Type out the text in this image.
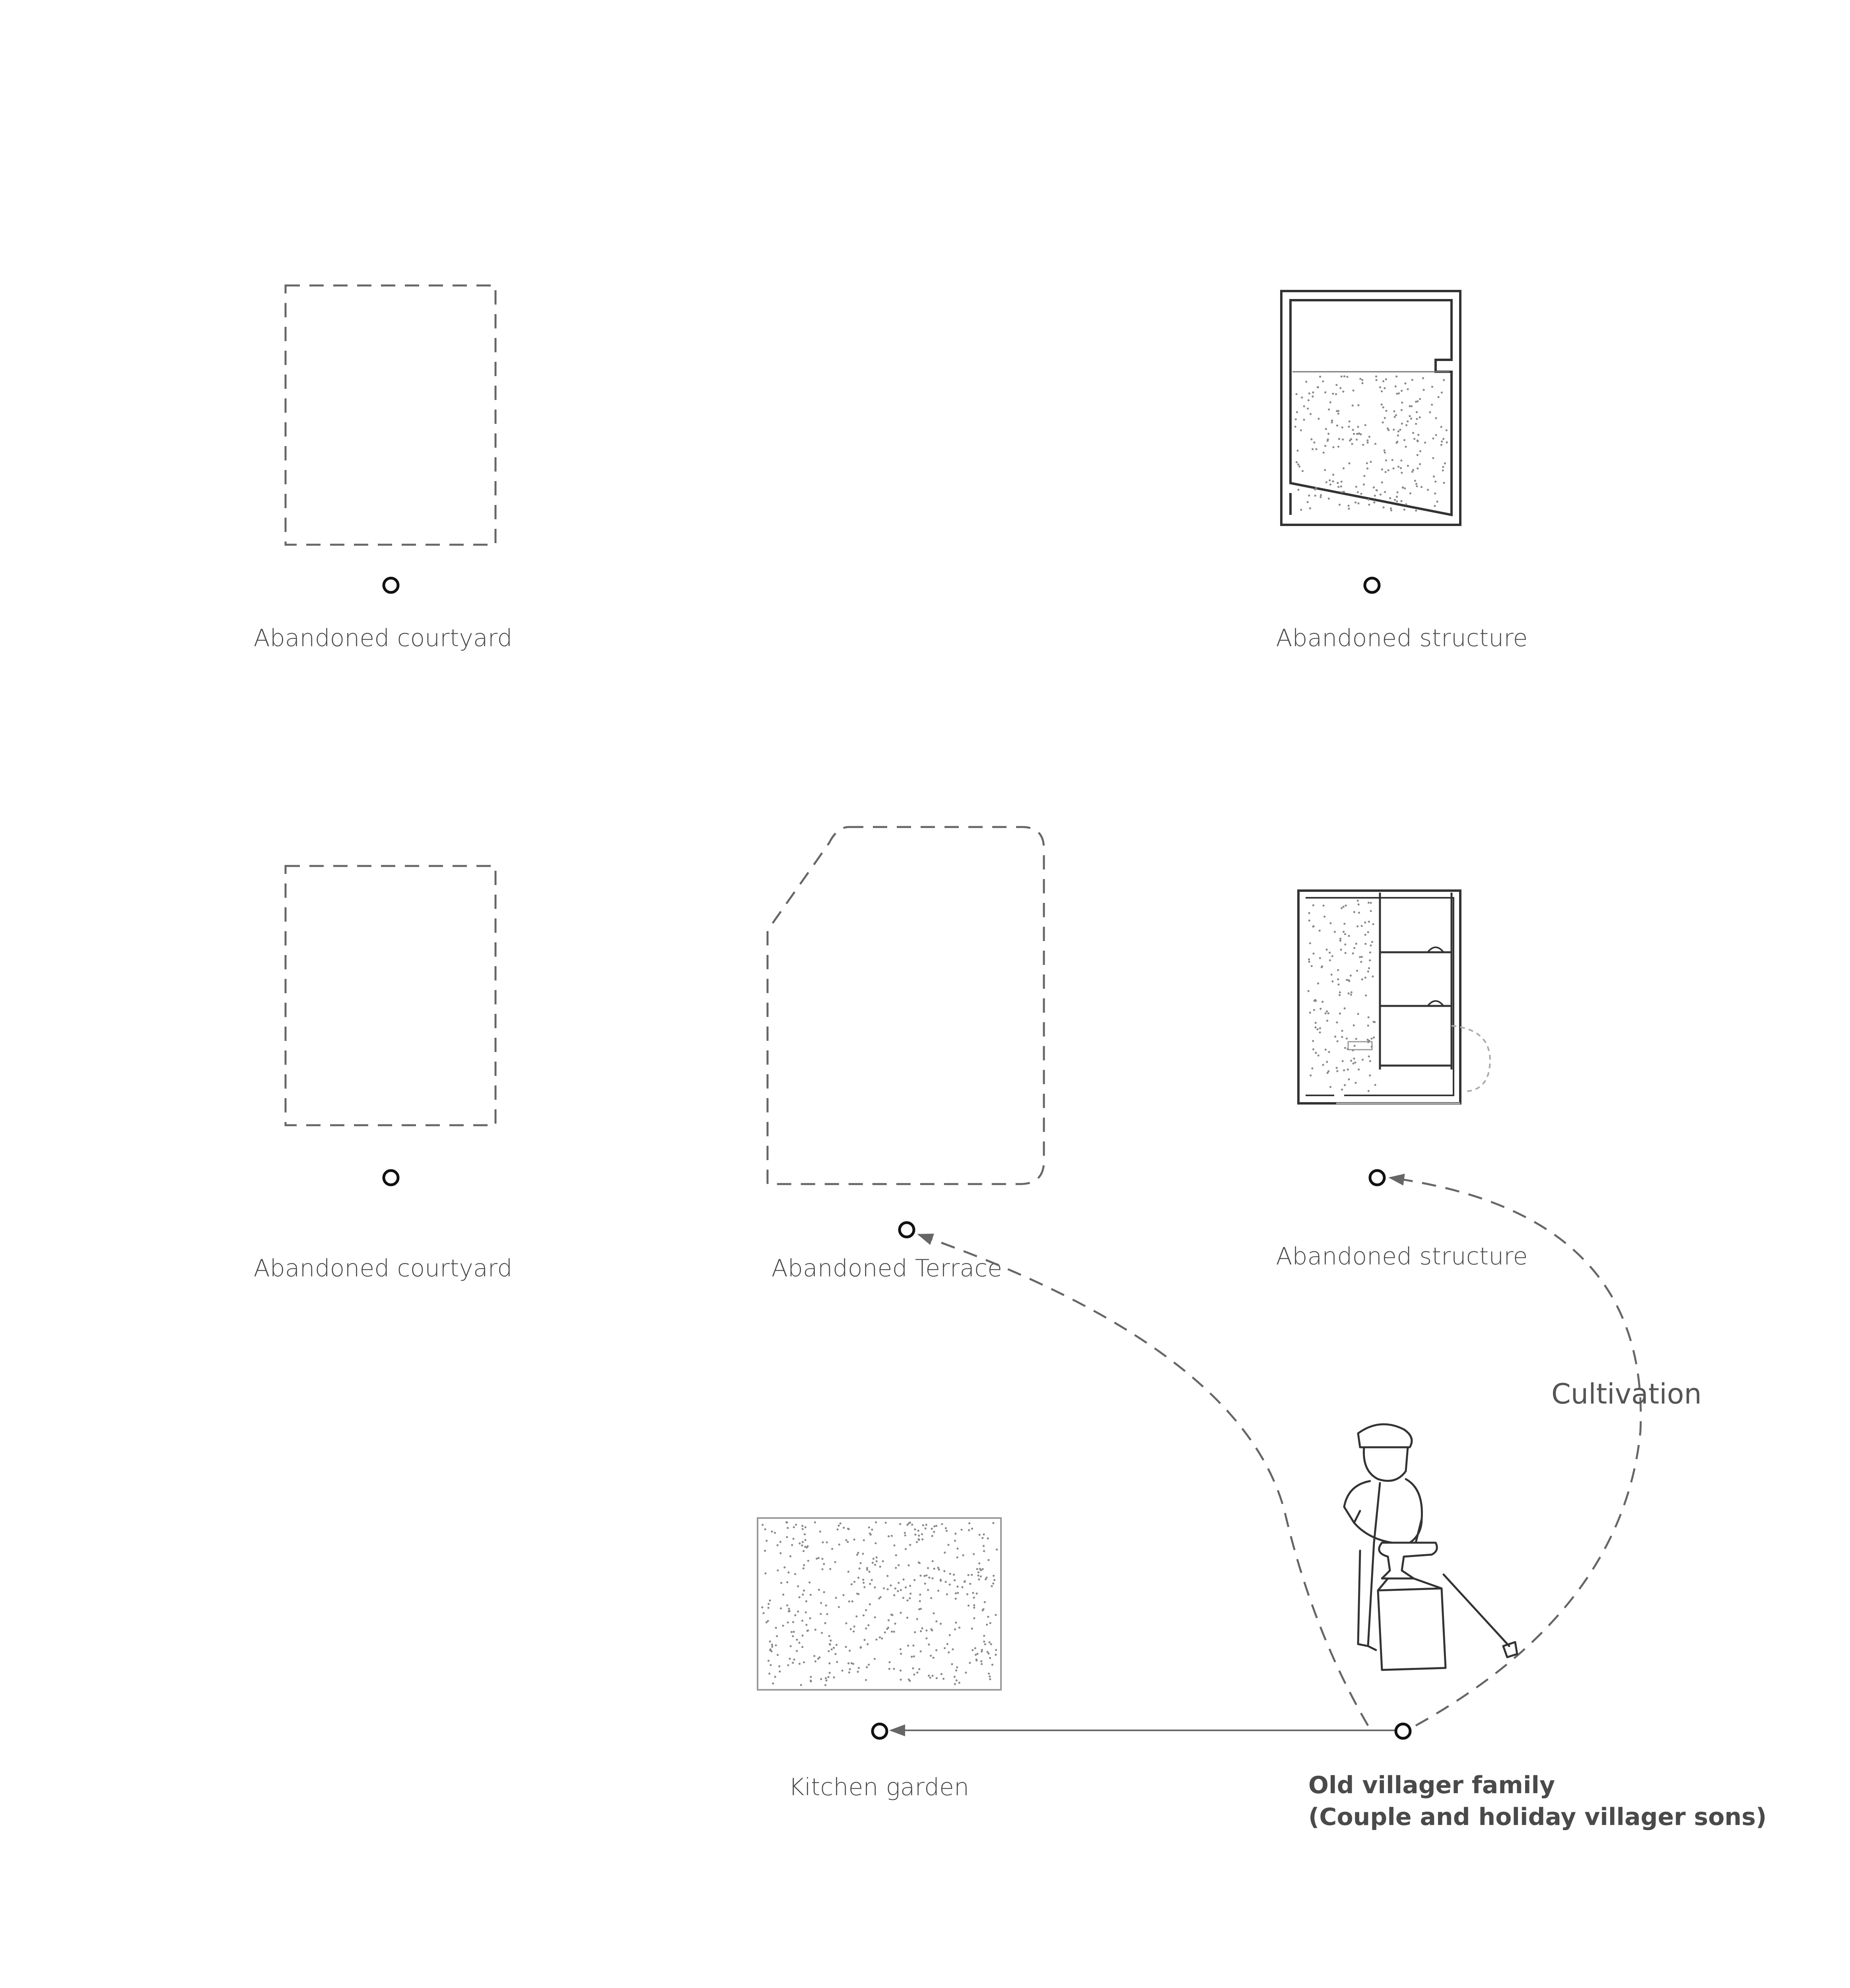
Abandoned courtyard	Abandoned structure
Abandoned courtyard	Abandoned Terrace	Abandoned structure
Kitchen garden
Cultivation
Old villager family
(Couple and holiday villager sons)
